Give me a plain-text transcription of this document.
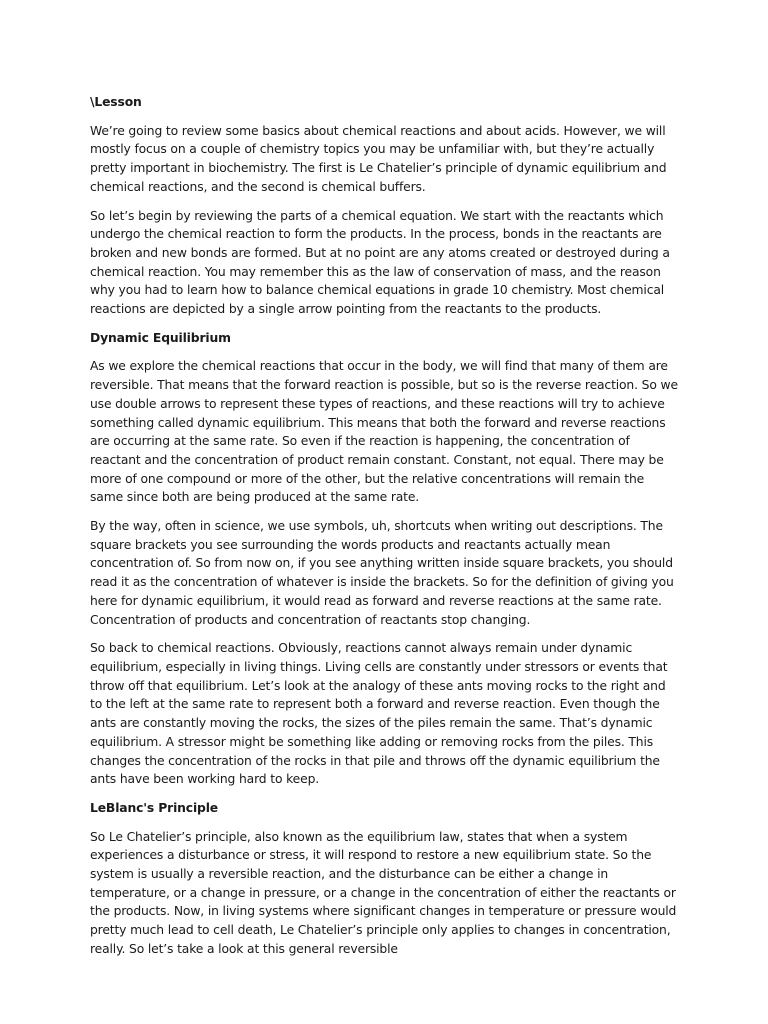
\Lesson

We’re going to review some basics about chemical reactions and about acids. However, we will mostly focus on a couple of chemistry topics you may be unfamiliar with, but they’re actually pretty important in biochemistry. The first is Le Chatelier’s principle of dynamic equilibrium and chemical reactions, and the second is chemical buffers.

So let’s begin by reviewing the parts of a chemical equation. We start with the reactants which undergo the chemical reaction to form the products. In the process, bonds in the reactants are broken and new bonds are formed. But at no point are any atoms created or destroyed during a chemical reaction. You may remember this as the law of conservation of mass, and the reason why you had to learn how to balance chemical equations in grade 10 chemistry. Most chemical reactions are depicted by a single arrow pointing from the reactants to the products.

Dynamic Equilibrium

As we explore the chemical reactions that occur in the body, we will find that many of them are reversible. That means that the forward reaction is possible, but so is the reverse reaction. So we use double arrows to represent these types of reactions, and these reactions will try to achieve something called dynamic equilibrium. This means that both the forward and reverse reactions are occurring at the same rate. So even if the reaction is happening, the concentration of reactant and the concentration of product remain constant. Constant, not equal. There may be more of one compound or more of the other, but the relative concentrations will remain the same since both are being produced at the same rate.

By the way, often in science, we use symbols, uh, shortcuts when writing out descriptions. The square brackets you see surrounding the words products and reactants actually mean concentration of. So from now on, if you see anything written inside square brackets, you should read it as the concentration of whatever is inside the brackets. So for the definition of giving you here for dynamic equilibrium, it would read as forward and reverse reactions at the same rate. Concentration of products and concentration of reactants stop changing.

So back to chemical reactions. Obviously, reactions cannot always remain under dynamic equilibrium, especially in living things. Living cells are constantly under stressors or events that throw off that equilibrium. Let’s look at the analogy of these ants moving rocks to the right and to the left at the same rate to represent both a forward and reverse reaction. Even though the ants are constantly moving the rocks, the sizes of the piles remain the same. That’s dynamic equilibrium. A stressor might be something like adding or removing rocks from the piles. This changes the concentration of the rocks in that pile and throws off the dynamic equilibrium the ants have been working hard to keep.

LeBlanc's Principle

So Le Chatelier’s principle, also known as the equilibrium law, states that when a system experiences a disturbance or stress, it will respond to restore a new equilibrium state. So the system is usually a reversible reaction, and the disturbance can be either a change in temperature, or a change in pressure, or a change in the concentration of either the reactants or the products. Now, in living systems where significant changes in temperature or pressure would pretty much lead to cell death, Le Chatelier’s principle only applies to changes in concentration, really. So let’s take a look at this general reversible
